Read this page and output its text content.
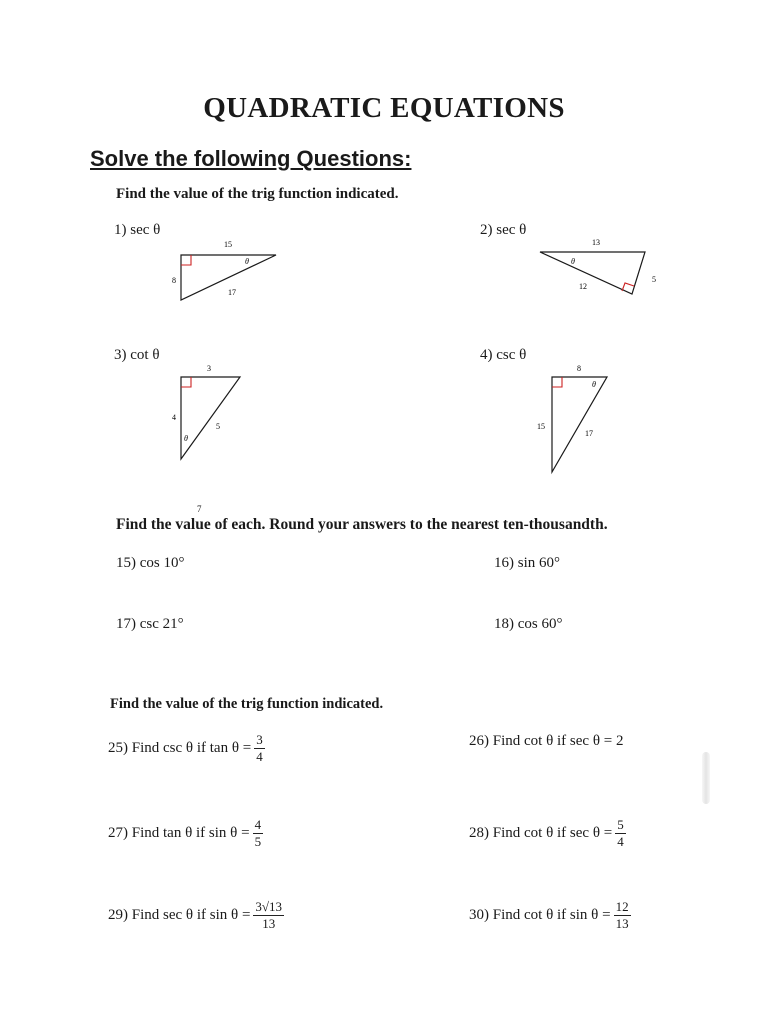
QUADRATIC EQUATIONS
Solve the following Questions:
Find the value of the trig function indicated.
1) sec θ
15
8
17
θ
2) sec θ
13
12
5
θ
3) cot θ
3
4
5
θ
4) csc θ
8
15
17
θ
7
Find the value of each. Round your answers to the nearest ten-thousandth.
15) cos 10°	16) sin 60°
17) csc 21°	18) cos 60°
Find the value of the trig function indicated.
25) Find csc θ if $\tan \theta = \frac{3}{4}$	26) Find cot θ if sec θ = 2
27) Find tan θ if $\sin \theta = \frac{4}{5}$	28) Find cot θ if $\sec \theta = \frac{5}{4}$
29) Find sec θ if $\sin \theta = \frac{3√13}{13}$	30) Find cot θ if $\sin \theta = \frac{12}{13}$
